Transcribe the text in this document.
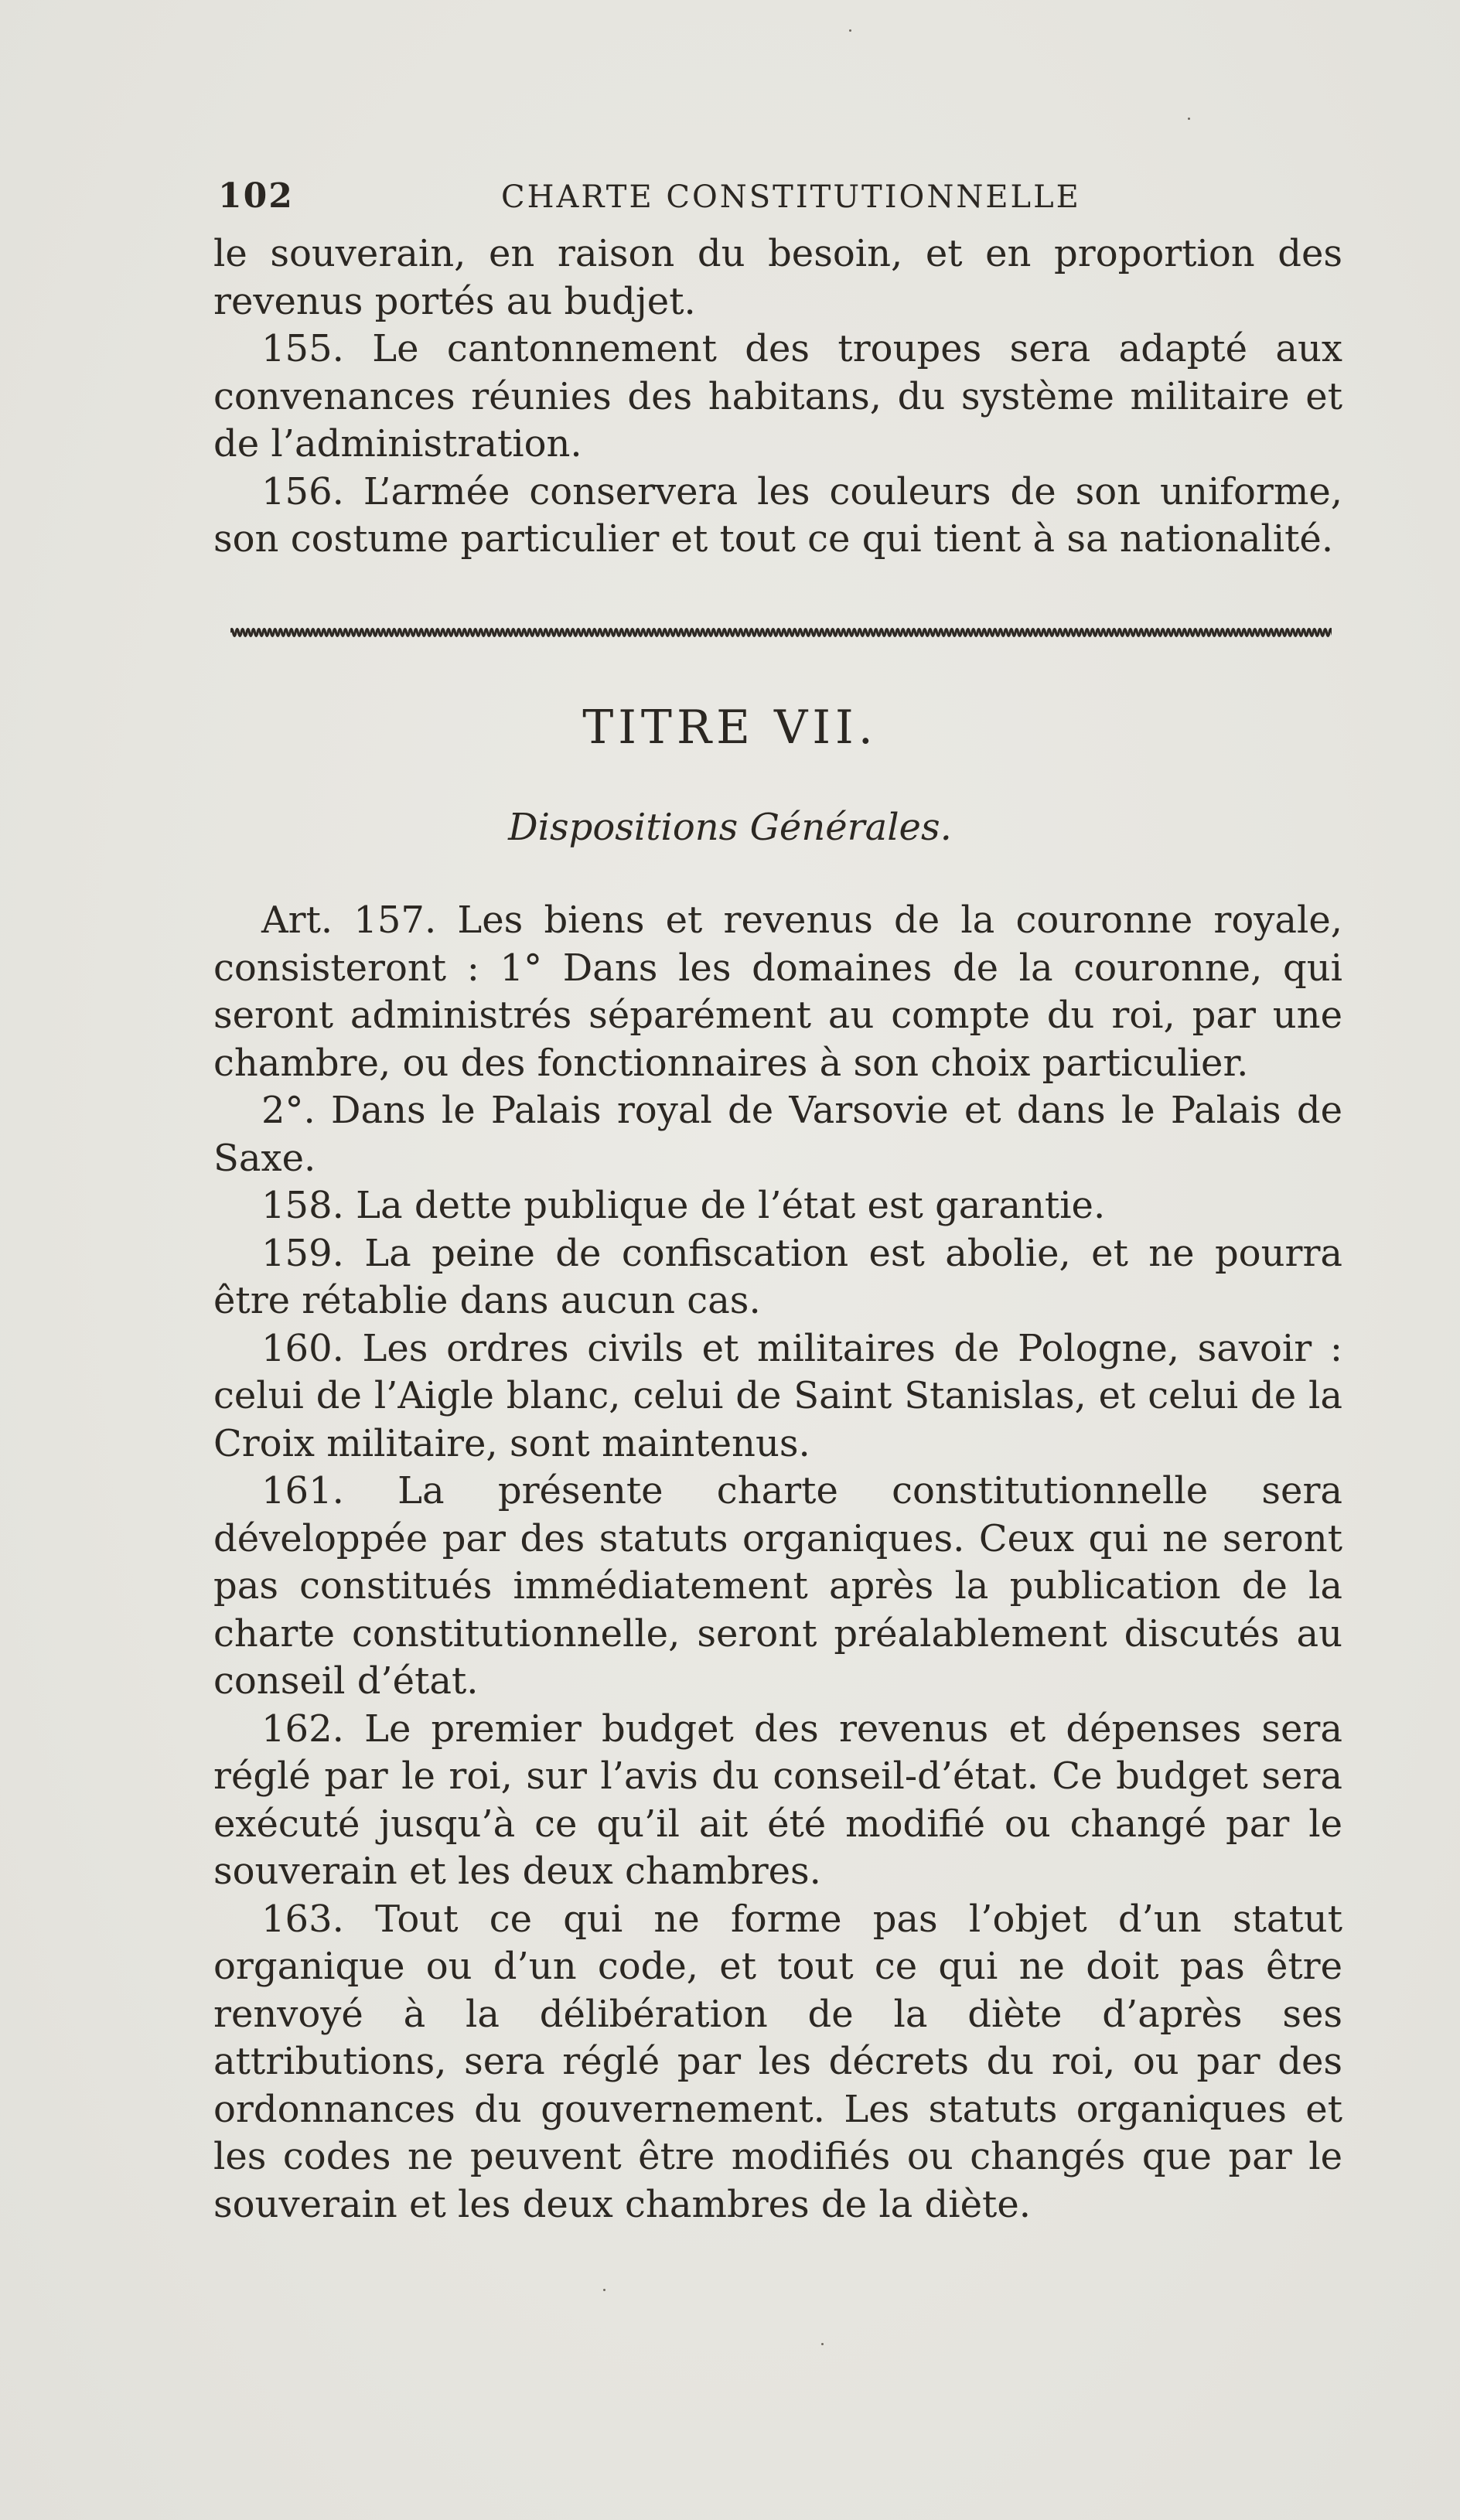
102	CHARTE CONSTITUTIONNELLE

le souverain, en raison du besoin, et en proportion des revenus portés au budjet.

155. Le cantonnement des troupes sera adapté aux convenances réunies des habitans, du système militaire et de l’administration.

156. L’armée conservera les couleurs de son uniforme, son costume particulier et tout ce qui tient à sa nationalité.

TITRE VII.
Dispositions Générales.

Art. 157. Les biens et revenus de la couronne royale, consisteront : 1° Dans les domaines de la couronne, qui seront administrés séparément au compte du roi, par une chambre, ou des fonctionnaires à son choix particulier.

2°. Dans le Palais royal de Varsovie et dans le Palais de Saxe.

158. La dette publique de l’état est garantie.

159. La peine de confiscation est abolie, et ne pourra être rétablie dans aucun cas.

160. Les ordres civils et militaires de Pologne, savoir : celui de l’Aigle blanc, celui de Saint Stanislas, et celui de la Croix militaire, sont maintenus.

161. La présente charte constitutionnelle sera développée par des statuts organiques. Ceux qui ne seront pas constitués immédiatement après la publication de la charte constitutionnelle, seront préalablement discutés au conseil d’état.

162. Le premier budget des revenus et dépenses sera réglé par le roi, sur l’avis du conseil-d’état. Ce budget sera exécuté jusqu’à ce qu’il ait été modifié ou changé par le souverain et les deux chambres.

163. Tout ce qui ne forme pas l’objet d’un statut organique ou d’un code, et tout ce qui ne doit pas être renvoyé à la délibération de la diète d’après ses attributions, sera réglé par les décrets du roi, ou par des ordonnances du gouvernement. Les statuts organiques et les codes ne peuvent être modifiés ou changés que par le souverain et les deux chambres de la diète.
